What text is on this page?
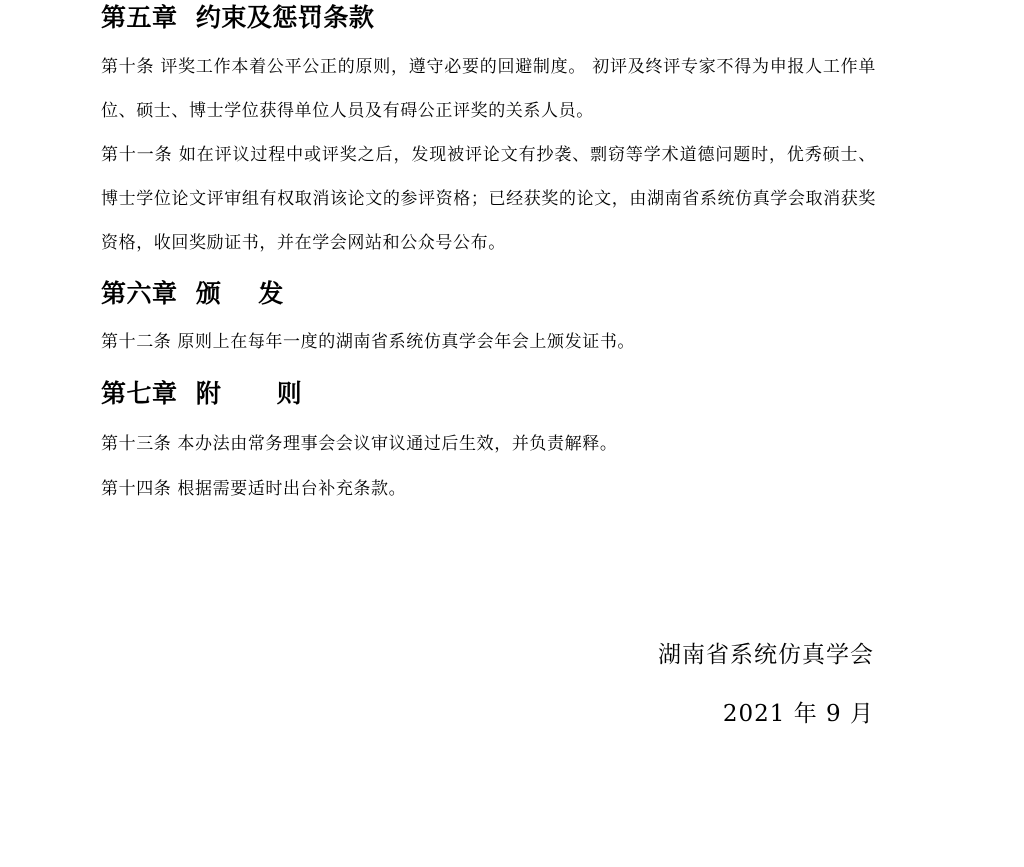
第五章  约束及惩罚条款
第十条 评奖工作本着公平公正的原则，遵守必要的回避制度。 初评及终评专家不得为申报人工作单位、硕士、博士学位获得单位人员及有碍公正评奖的关系人员。
第十一条 如在评议过程中或评奖之后，发现被评论文有抄袭、剽窃等学术道德问题时，优秀硕士、博士学位论文评审组有权取消该论文的参评资格；已经获奖的论文，由湖南省系统仿真学会取消获奖资格，收回奖励证书，并在学会网站和公众号公布。
第六章  颁    发
第十二条 原则上在每年一度的湖南省系统仿真学会年会上颁发证书。
第七章  附      则
第十三条 本办法由常务理事会会议审议通过后生效，并负责解释。
第十四条 根据需要适时出台补充条款。
湖南省系统仿真学会
2021 年 9 月
